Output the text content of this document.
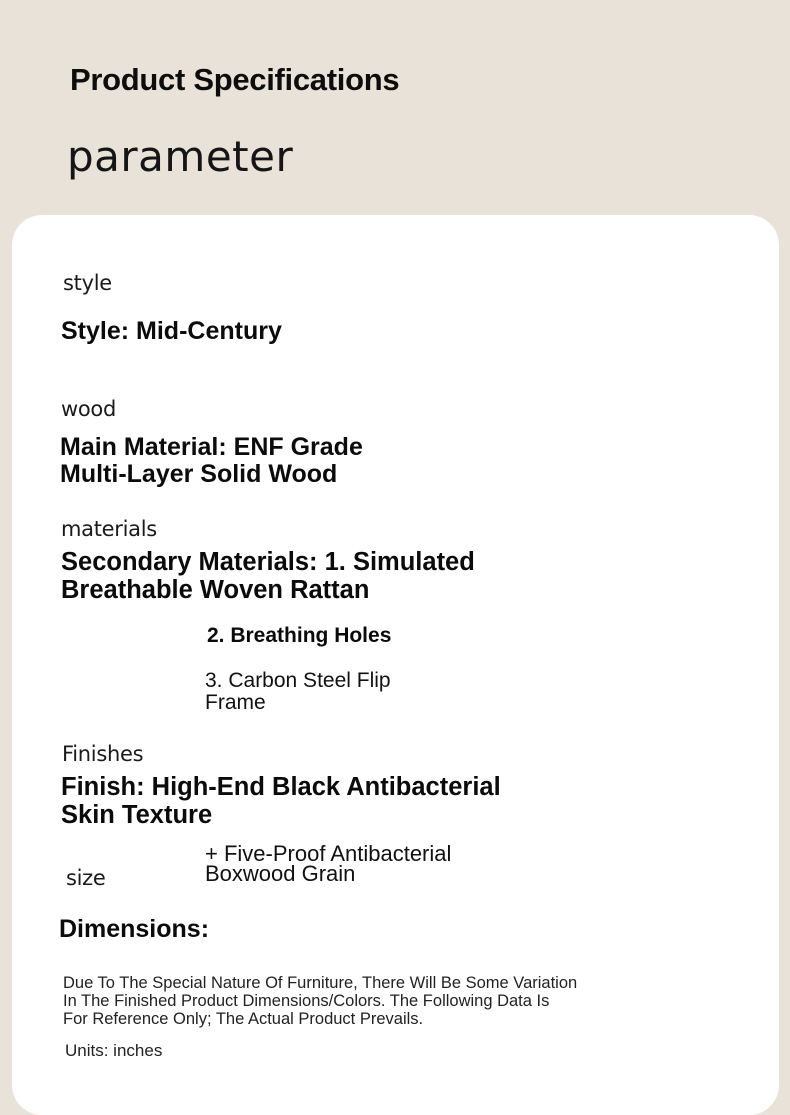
Product Specifications
parameter
style
Style: Mid-Century
wood
Main Material: ENF Grade
Multi-Layer Solid Wood
materials
Secondary Materials: 1. Simulated
Breathable Woven Rattan
2. Breathing Holes
3. Carbon Steel Flip
Frame
Finishes
Finish: High-End Black Antibacterial
Skin Texture
+ Five-Proof Antibacterial
Boxwood Grain
size
Dimensions:
Due To The Special Nature Of Furniture, There Will Be Some Variation
In The Finished Product Dimensions/Colors. The Following Data Is
For Reference Only; The Actual Product Prevails.
Units: inches
